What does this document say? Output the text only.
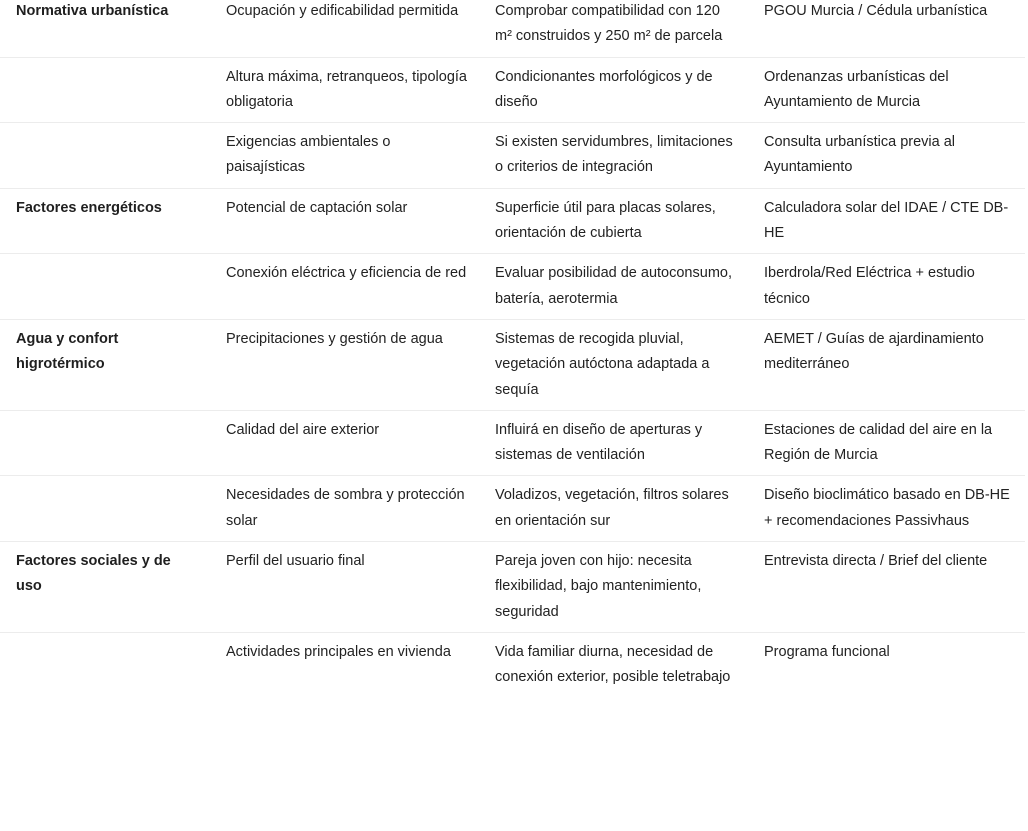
Normativa urbanística	Ocupación y edificabilidad permitida	Comprobar compatibilidad con 120 m² construidos y 250 m² de parcela	PGOU Murcia / Cédula urbanística
	Altura máxima, retranqueos, tipología obligatoria	Condicionantes morfológicos y de diseño	Ordenanzas urbanísticas del Ayuntamiento de Murcia
	Exigencias ambientales o paisajísticas	Si existen servidumbres, limitaciones o criterios de integración	Consulta urbanística previa al Ayuntamiento
Factores energéticos	Potencial de captación solar	Superficie útil para placas solares, orientación de cubierta	Calculadora solar del IDAE / CTE DB-HE
	Conexión eléctrica y eficiencia de red	Evaluar posibilidad de autoconsumo, batería, aerotermia	Iberdrola/Red Eléctrica + estudio técnico
Agua y confort higrotérmico	Precipitaciones y gestión de agua	Sistemas de recogida pluvial, vegetación autóctona adaptada a sequía	AEMET / Guías de ajardinamiento mediterráneo
	Calidad del aire exterior	Influirá en diseño de aperturas y sistemas de ventilación	Estaciones de calidad del aire en la Región de Murcia
	Necesidades de sombra y protección solar	Voladizos, vegetación, filtros solares en orientación sur	Diseño bioclimático basado en DB-HE + recomendaciones Passivhaus
Factores sociales y de uso	Perfil del usuario final	Pareja joven con hijo: necesita flexibilidad, bajo mantenimiento, seguridad	Entrevista directa / Brief del cliente
	Actividades principales en vivienda	Vida familiar diurna, necesidad de conexión exterior, posible teletrabajo	Programa funcional
